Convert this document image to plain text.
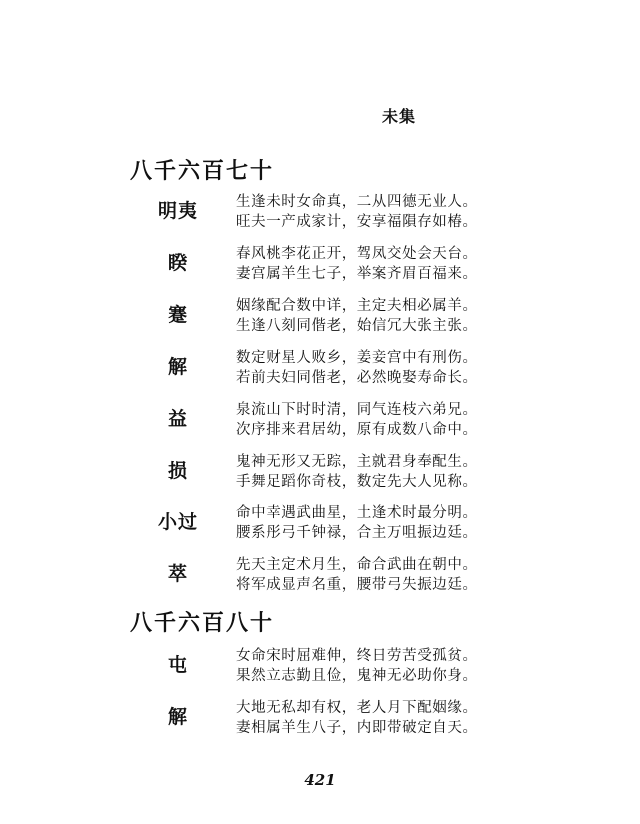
未集
八千六百七十
明夷	生逢未时女命真，二从四德无业人。
旺夫一产成家计，安享福隕存如椿。
睽	春风桃李花正开，驾凤交处会天台。
妻宫属羊生七子，举案齐眉百福来。
蹇	姻缘配合数中详，主定夫相必属羊。
生逢八刻同偕老，始信冗大张主张。
解	数定财星人败乡，姜妾宫中有刑伤。
若前夫妇同偕老，必然晚娶寿命长。
益	泉流山下时时清，同气连枝六弟兄。
次序排来君居幼，原有成数八命中。
损	鬼神无形又无踪，主就君身奉配生。
手舞足蹈你奇枝，数定先大人见称。
小过	命中幸遇武曲星，土逢术时最分明。
腰系彤弓千钟禄，合主万咀振边廷。
萃	先天主定术月生，命合武曲在朝中。
将军成显声名重，腰带弓失振边廷。
八千六百八十
屯	女命宋时屈难伸，终日劳苦受孤贫。
果然立志勤且俭，鬼神无必助你身。
解	大地无私却有权，老人月下配姻缘。
妻相属羊生八子，内即带破定自天。
421
